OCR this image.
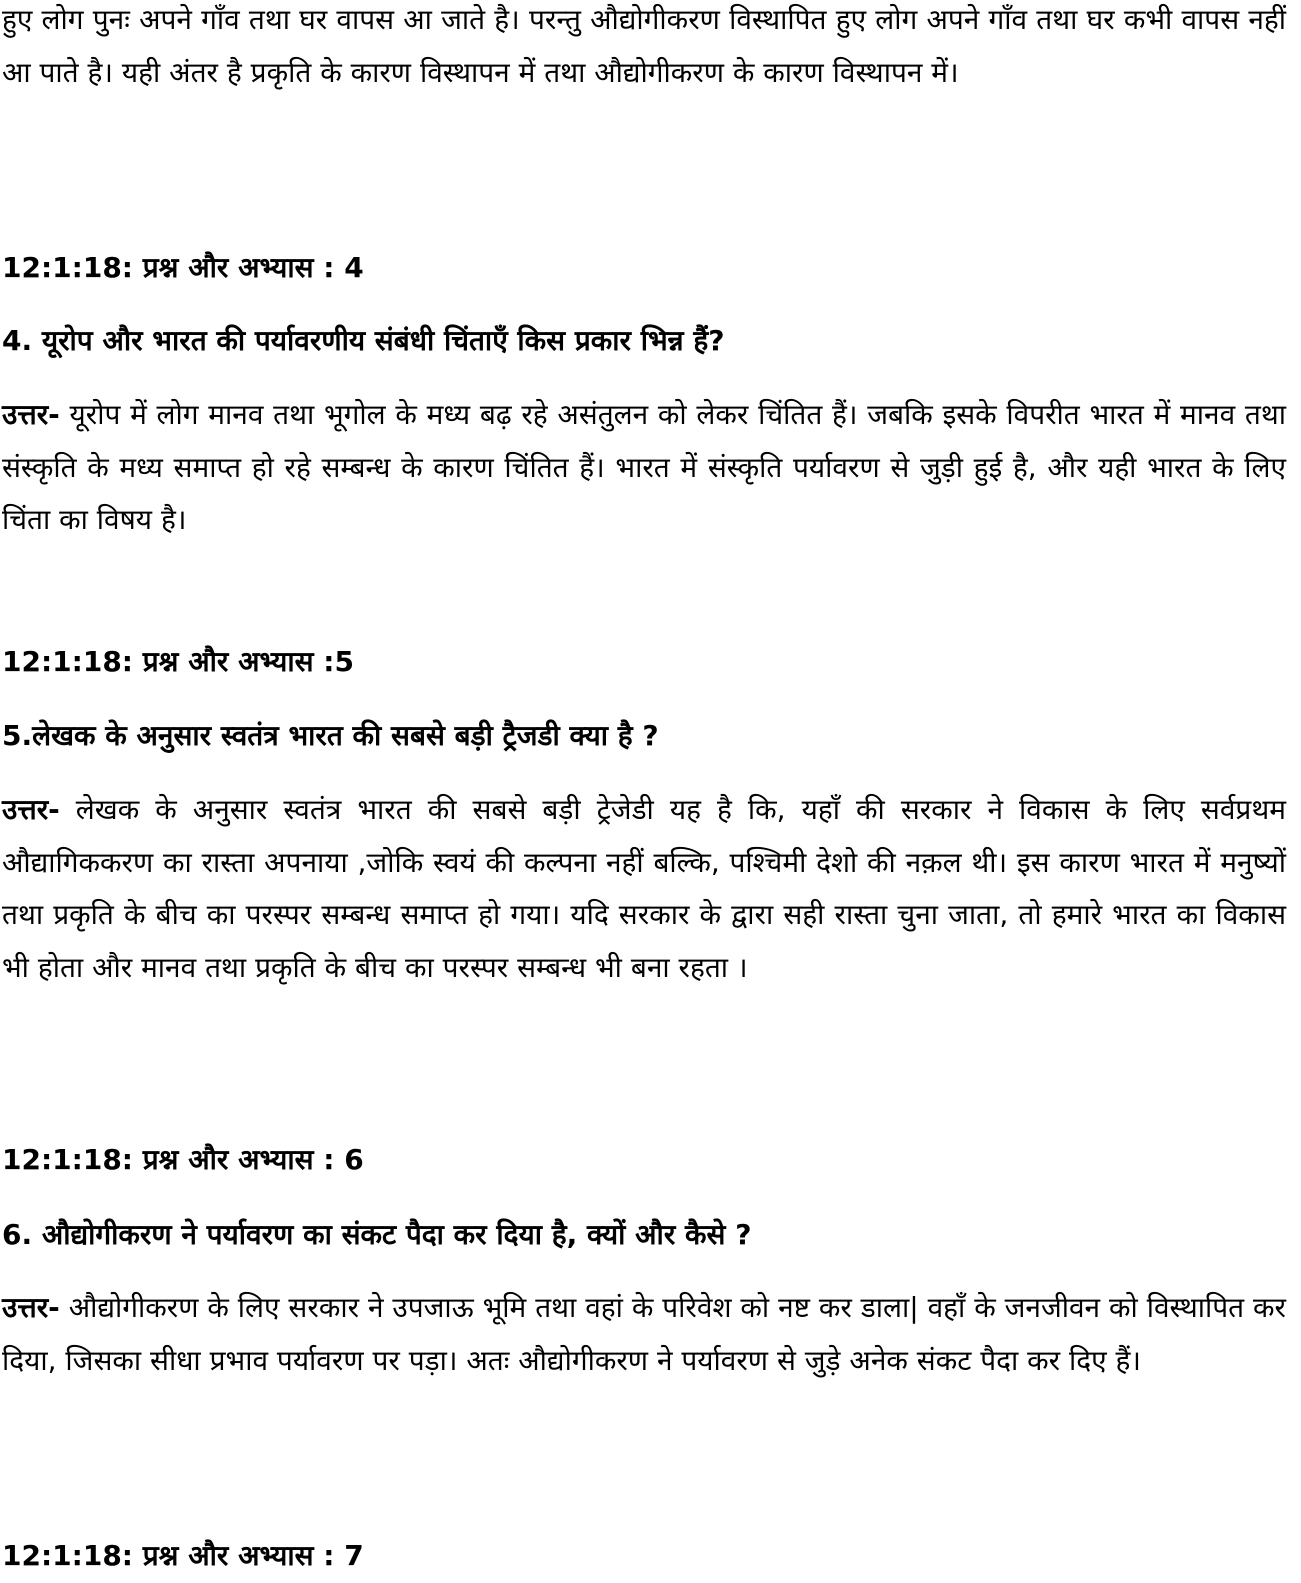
हुए लोग पुनः अपने गाँव तथा घर वापस आ जाते है। परन्तु औद्योगीकरण विस्थापित हुए लोग अपने गाँव तथा घर कभी वापस नहीं आ पाते है। यही अंतर है प्रकृति के कारण विस्थापन में तथा औद्योगीकरण के कारण विस्थापन में।

12:1:18: प्रश्न और अभ्यास : 4
4. यूरोप और भारत की पर्यावरणीय संबंधी चिंताएँ किस प्रकार भिन्न हैं?

उत्तर- यूरोप में लोग मानव तथा भूगोल के मध्य बढ़ रहे असंतुलन को लेकर चिंतित हैं। जबकि इसके विपरीत भारत में मानव तथा संस्कृति के मध्य समाप्त हो रहे सम्बन्ध के कारण चिंतित हैं। भारत में संस्कृति पर्यावरण से जुड़ी हुई है, और यही भारत के लिए चिंता का विषय है।

12:1:18: प्रश्न और अभ्यास :5
5.लेखक के अनुसार स्वतंत्र भारत की सबसे बड़ी ट्रैजडी क्या है ?

उत्तर- लेखक के अनुसार स्वतंत्र भारत की सबसे बड़ी ट्रेजेडी यह है कि, यहाँ की सरकार ने विकास के लिए सर्वप्रथम औद्यागिककरण का रास्ता अपनाया ,जोकि स्वयं की कल्पना नहीं बल्कि, पश्चिमी देशो की नक़ल थी। इस कारण भारत में मनुष्यों तथा प्रकृति के बीच का परस्पर सम्बन्ध समाप्त हो गया। यदि सरकार के द्वारा सही रास्ता चुना जाता, तो हमारे भारत का विकास भी होता और मानव तथा प्रकृति के बीच का परस्पर सम्बन्ध भी बना रहता ।

12:1:18: प्रश्न और अभ्यास : 6
6. औद्योगीकरण ने पर्यावरण का संकट पैदा कर दिया है, क्यों और कैसे ?

उत्तर- औद्योगीकरण के लिए सरकार ने उपजाऊ भूमि तथा वहां के परिवेश को नष्ट कर डाला| वहाँ के जनजीवन को विस्थापित कर दिया, जिसका सीधा प्रभाव पर्यावरण पर पड़ा। अतः औद्योगीकरण ने पर्यावरण से जुड़े अनेक संकट पैदा कर दिए हैं।

12:1:18: प्रश्न और अभ्यास : 7
